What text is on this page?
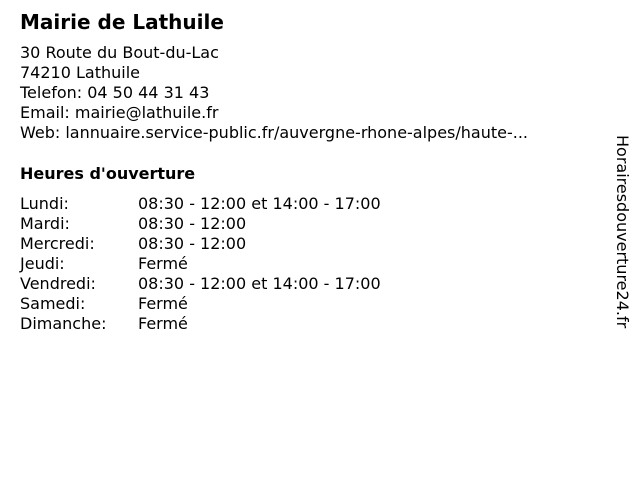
Mairie de Lathuile
30 Route du Bout-du-Lac
74210 Lathuile
Telefon: 04 50 44 31 43
Email: mairie@lathuile.fr
Web: lannuaire.service-public.fr/auvergne-rhone-alpes/haute-...
Heures d'ouverture
Lundi:	08:30 - 12:00 et 14:00 - 17:00
Mardi:	08:30 - 12:00
Mercredi:	08:30 - 12:00
Jeudi:	Fermé
Vendredi:	08:30 - 12:00 et 14:00 - 17:00
Samedi:	Fermé
Dimanche: Fermé	Horairesdouverture24.fr
